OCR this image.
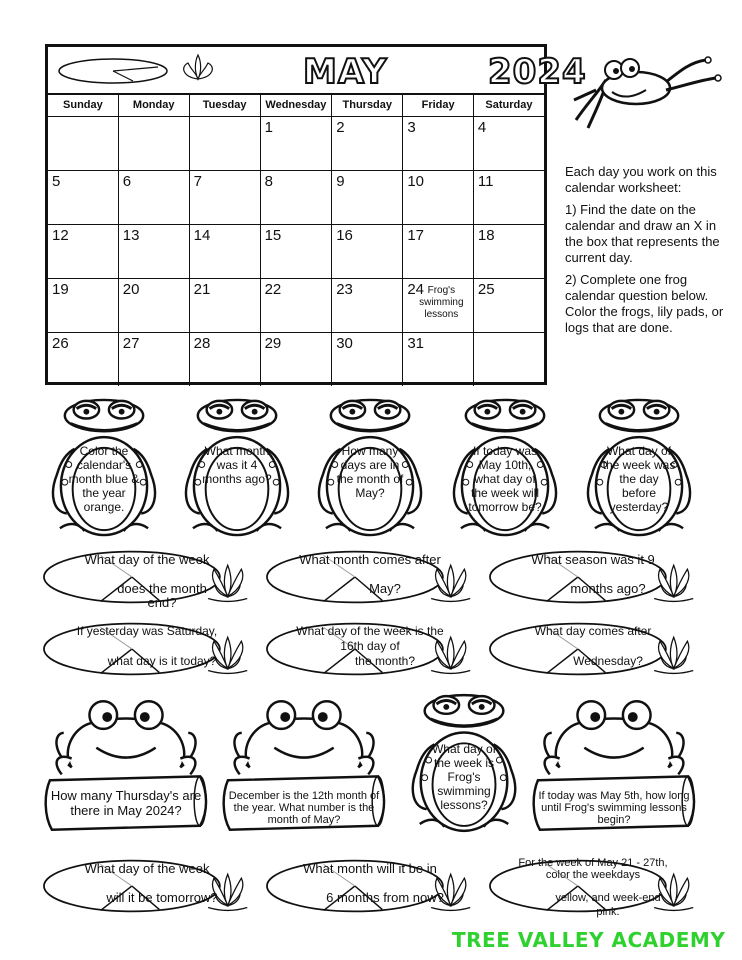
MAY	2024
Sunday	Monday	Tuesday	Wednesday	Thursday	Friday	Saturday

			1	2	3	4

5	6	7	8	9	10	11

12	13	14	15	16	17	18

19	20	21	22	23	24 Frog's swimming lessons	25

26	27	28	29	30	31	

Each day you work on this calendar worksheet:

1) Find the date on the calendar and draw an X in the box that represents the current day.

2) Complete one frog calendar question below. Color the frogs, lily pads, or logs that are done.

Color the calendar's month blue & the year orange.
What month was it 4 months ago?
How many days are in the month of May?
If today was May 10th, what day of the week will tomorrow be?
What day of the week was the day before yesterday?
What day of the week
does the month end?
What month comes after
May?
What season was it 9
months ago?
If yesterday was Saturday,
what day is it today?
What day of the week is the 16th day of
the month?
What day comes after
Wednesday?
What day of the week
will it be tomorrow?
What month will it be in
6 months from now?
For the week of May 21 - 27th, color the weekdays
yellow, and week-end pink.
How many Thursday's are there in May 2024?
December is the 12th month of the year. What number is the month of May?
What day of the week is Frog's swimming lessons?
If today was May 5th, how long until Frog's swimming lessons begin?
TREE VALLEY ACADEMY
